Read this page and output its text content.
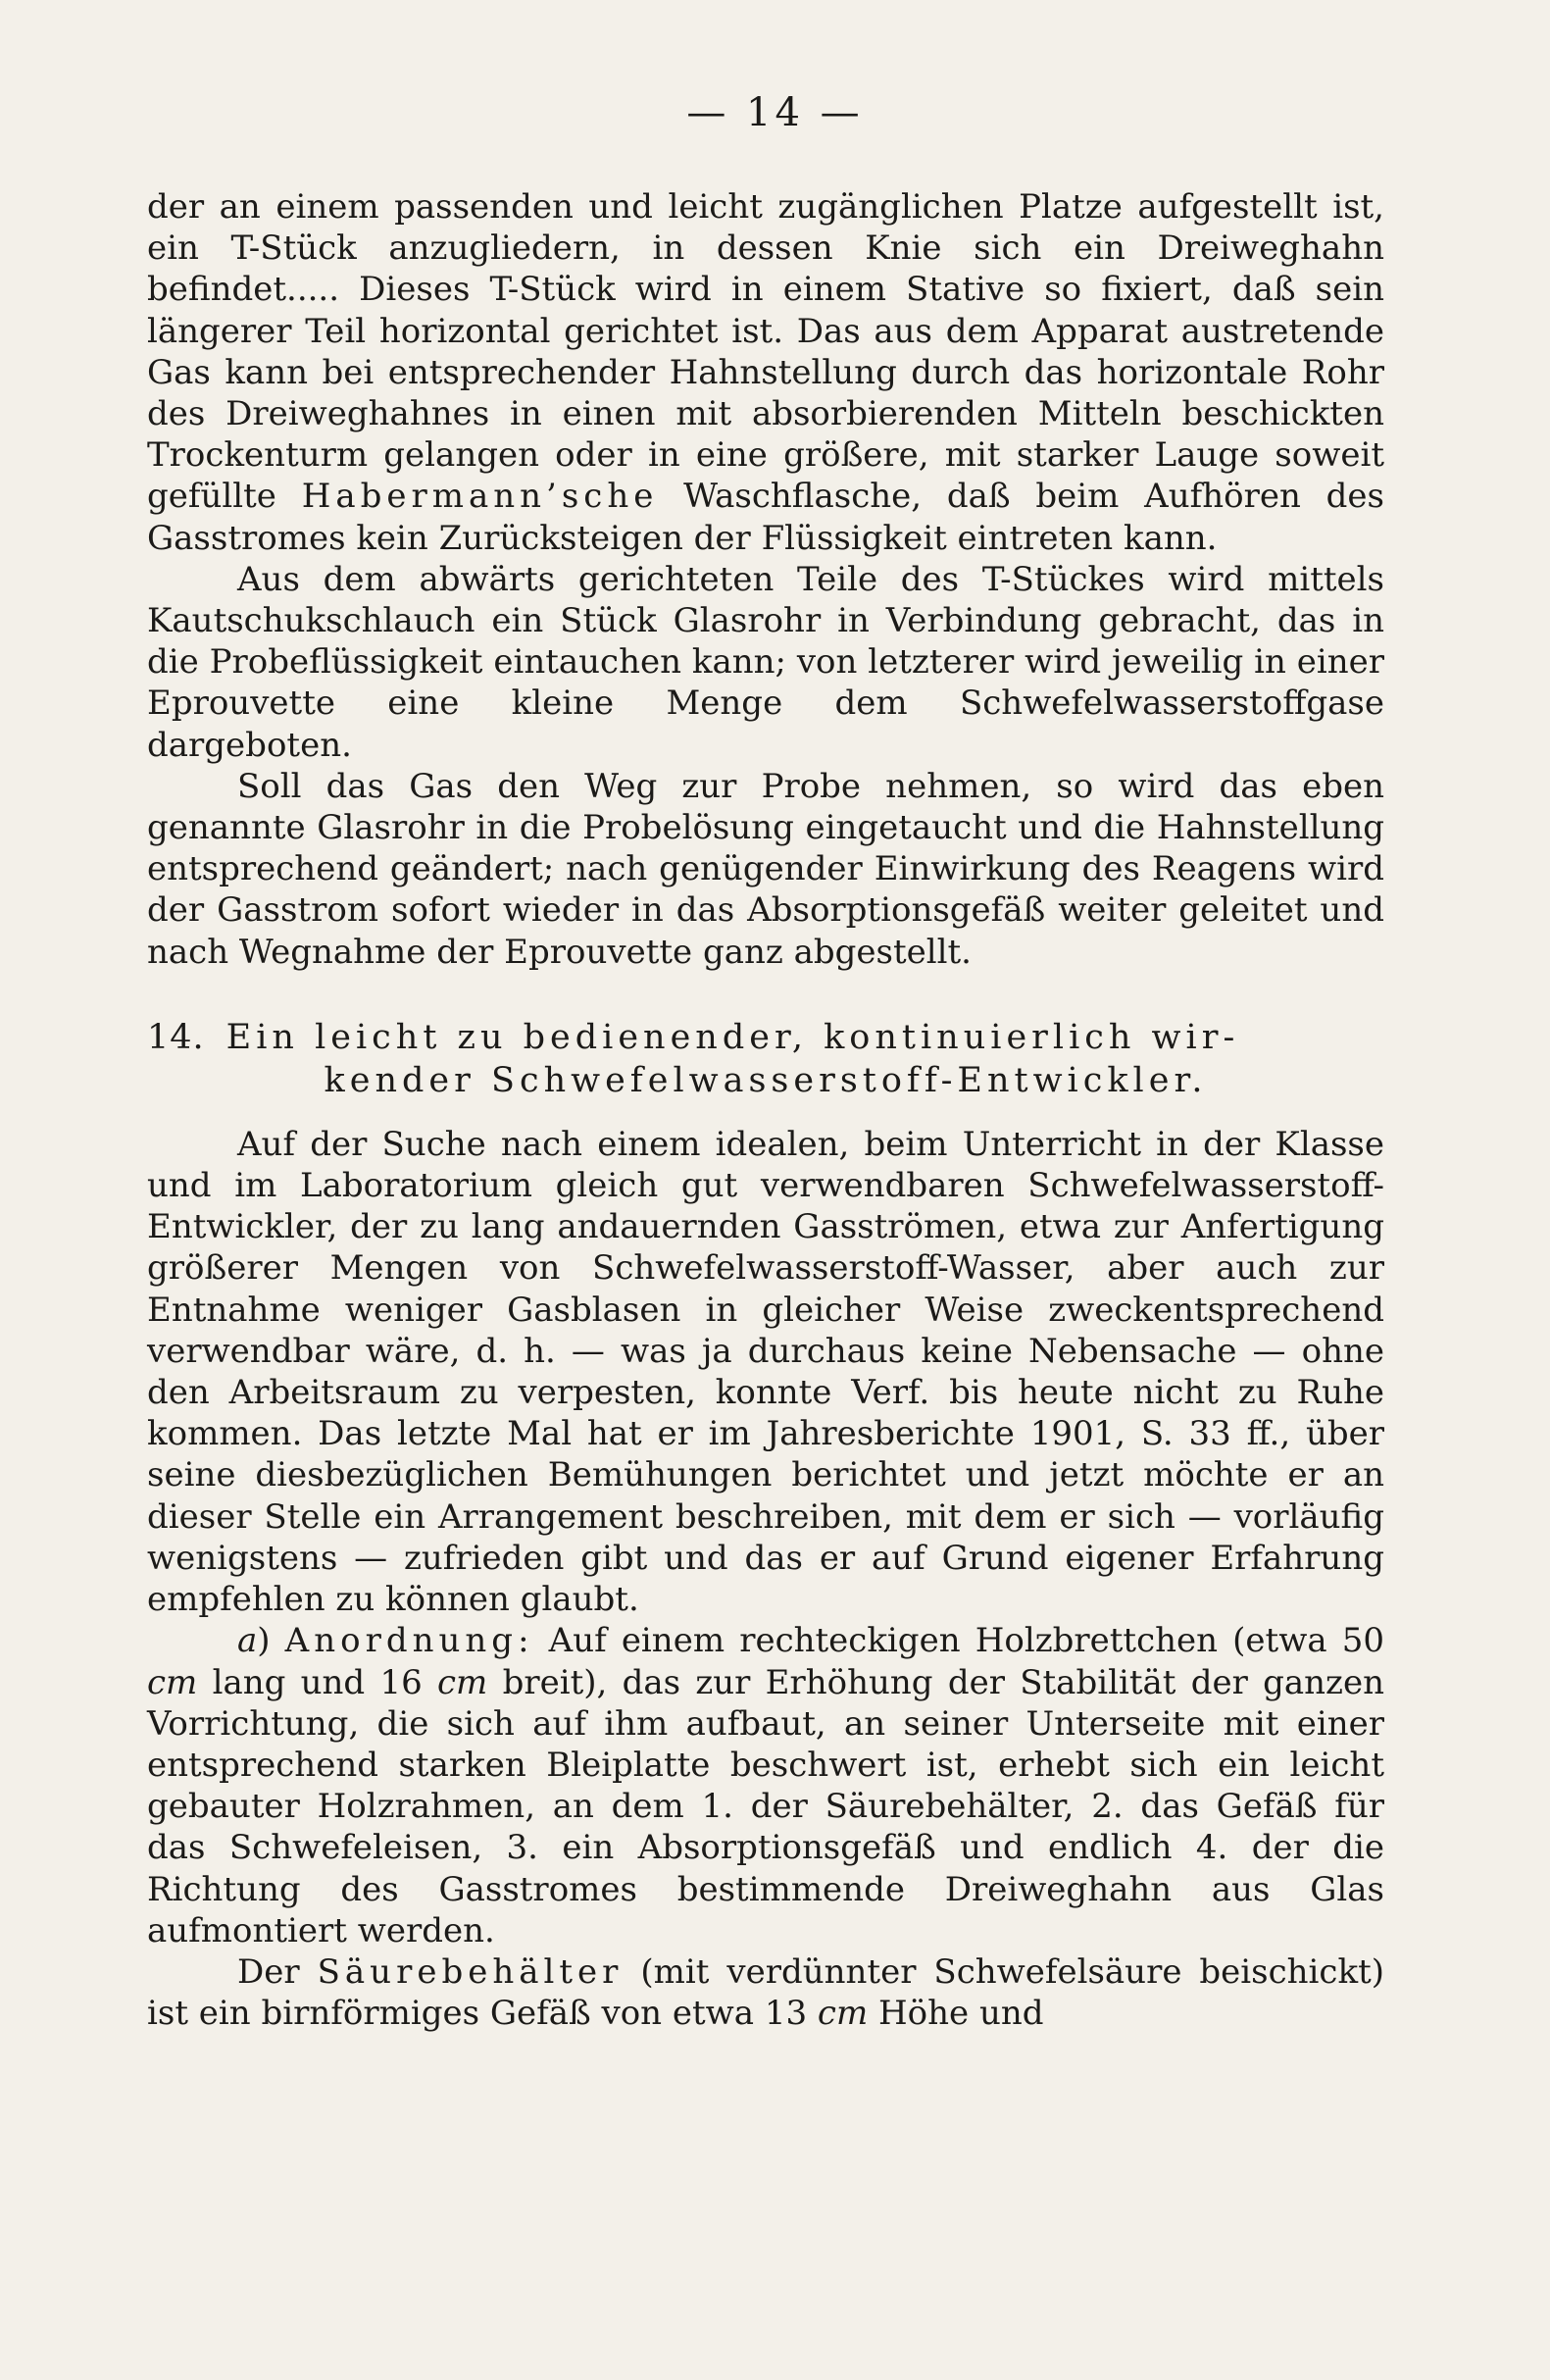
— 14 —

der an einem passenden und leicht zugänglichen Platze aufgestellt ist, ein T-Stück anzugliedern, in dessen Knie sich ein Dreiweghahn befindet..... Dieses T-Stück wird in einem Stative so fixiert, daß sein längerer Teil horizontal gerichtet ist. Das aus dem Apparat austretende Gas kann bei entsprechender Hahnstellung durch das horizontale Rohr des Dreiweghahnes in einen mit absorbierenden Mitteln beschickten Trockenturm gelangen oder in eine größere, mit starker Lauge soweit gefüllte Habermann’sche Waschflasche, daß beim Aufhören des Gasstromes kein Zurücksteigen der Flüssigkeit eintreten kann.

Aus dem abwärts gerichteten Teile des T-Stückes wird mittels Kautschukschlauch ein Stück Glasrohr in Verbindung gebracht, das in die Probeflüssigkeit eintauchen kann; von letzterer wird jeweilig in einer Eprouvette eine kleine Menge dem Schwefelwasserstoffgase dargeboten.

Soll das Gas den Weg zur Probe nehmen, so wird das eben genannte Glasrohr in die Probelösung eingetaucht und die Hahnstellung entsprechend geändert; nach genügender Einwirkung des Reagens wird der Gasstrom sofort wieder in das Absorptionsgefäß weiter geleitet und nach Wegnahme der Eprouvette ganz abgestellt.

14. Ein leicht zu bedienender, kontinuierlich wir-
kender Schwefelwasserstoff-Entwickler.

Auf der Suche nach einem idealen, beim Unterricht in der Klasse und im Laboratorium gleich gut verwendbaren Schwefelwasserstoff-Entwickler, der zu lang andauernden Gasströmen, etwa zur Anfertigung größerer Mengen von Schwefelwasserstoff-Wasser, aber auch zur Entnahme weniger Gasblasen in gleicher Weise zweckentsprechend verwendbar wäre, d. h. — was ja durchaus keine Nebensache — ohne den Arbeitsraum zu verpesten, konnte Verf. bis heute nicht zu Ruhe kommen. Das letzte Mal hat er im Jahresberichte 1901, S. 33 ff., über seine diesbezüglichen Bemühungen berichtet und jetzt möchte er an dieser Stelle ein Arrangement beschreiben, mit dem er sich — vorläufig wenigstens — zufrieden gibt und das er auf Grund eigener Erfahrung empfehlen zu können glaubt.

a) Anordnung: Auf einem rechteckigen Holzbrettchen (etwa 50 cm lang und 16 cm breit), das zur Erhöhung der Stabilität der ganzen Vorrichtung, die sich auf ihm aufbaut, an seiner Unterseite mit einer entsprechend starken Bleiplatte beschwert ist, erhebt sich ein leicht gebauter Holzrahmen, an dem 1. der Säurebehälter, 2. das Gefäß für das Schwefeleisen, 3. ein Absorptionsgefäß und endlich 4. der die Richtung des Gasstromes bestimmende Dreiweghahn aus Glas aufmontiert werden.

Der Säurebehälter (mit verdünnter Schwefelsäure beischickt) ist ein birnförmiges Gefäß von etwa 13 cm Höhe und
